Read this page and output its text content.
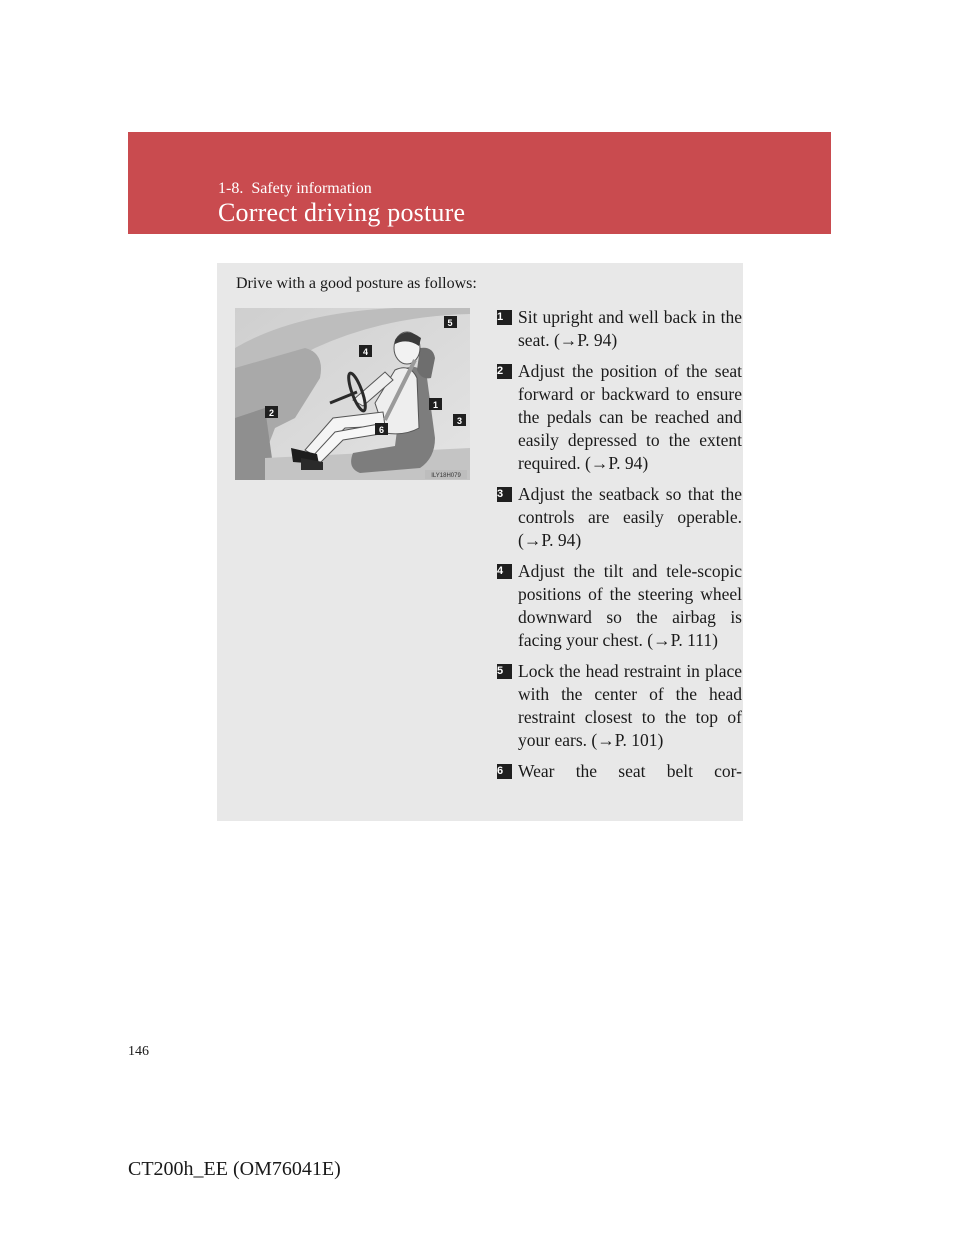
1-8.  Safety information
Correct driving posture
Drive with a good posture as follows:
5
4
2
1
3
6
ILY18H079
1 Sit upright and well back in the seat. (→P. 94)
2 Adjust the position of the seat forward or backward to ensure the pedals can be reached and easily depressed to the extent required. (→P. 94)
3 Adjust the seatback so that the controls are easily operable. (→P. 94)
4 Adjust the tilt and tele-scopic positions of the steering wheel downward so the airbag is facing your chest. (→P. 111)
5 Lock the head restraint in place with the center of the head restraint closest to the top of your ears. (→P. 101)
6 Wear the seat belt cor-
146
CT200h_EE (OM76041E)
